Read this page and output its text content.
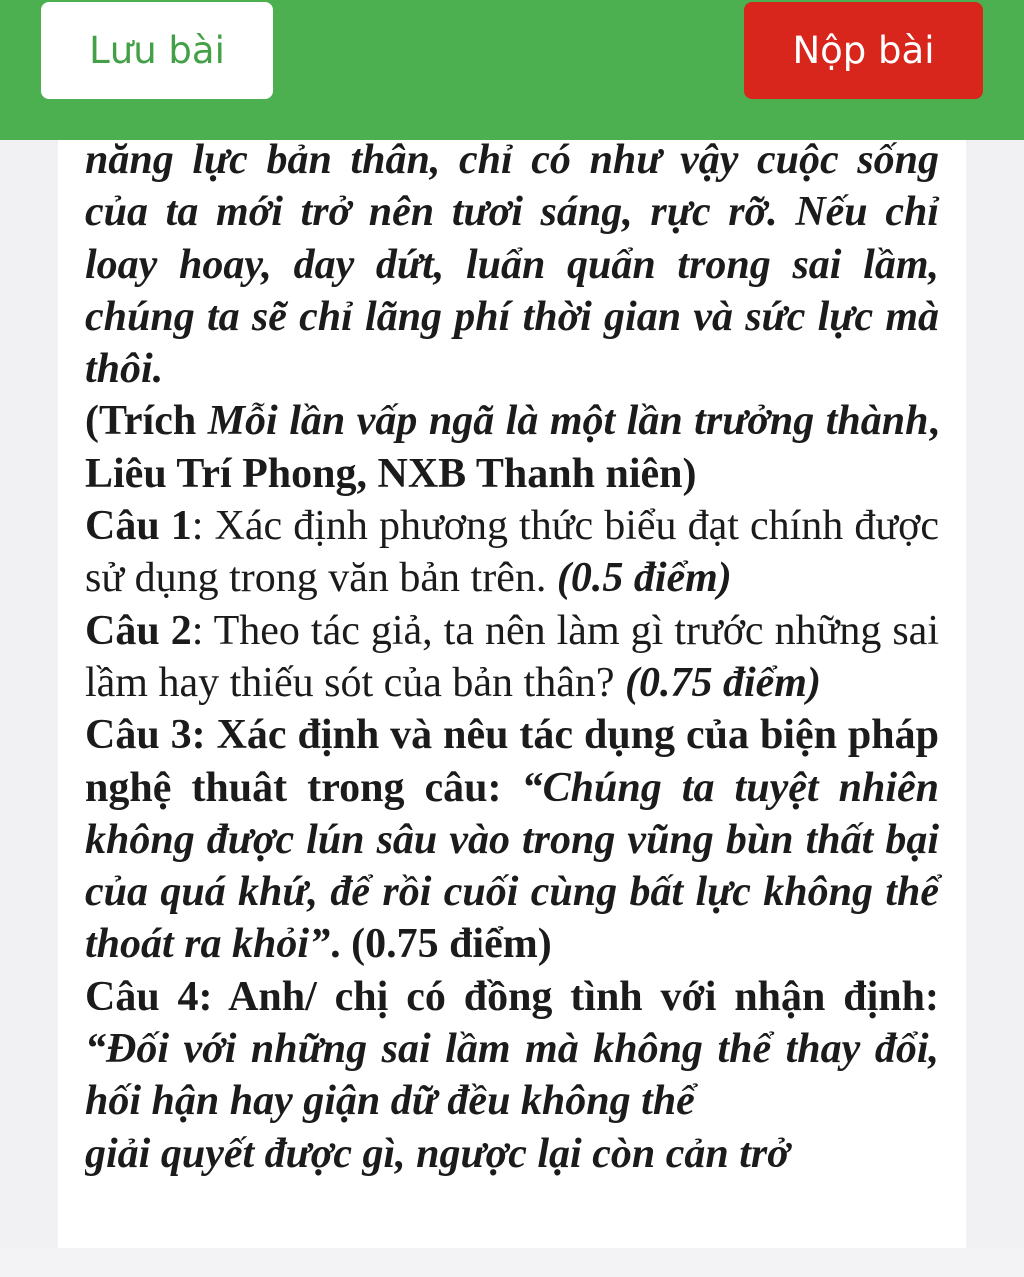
Lưu bài	Nộp bài

năng lực bản thân, chỉ có như vậy cuộc sống của ta mới trở nên tươi sáng, rực rỡ. Nếu chỉ loay hoay, day dứt, luẩn quẩn trong sai lầm, chúng ta sẽ chỉ lãng phí thời gian và sức lực mà thôi.

(Trích Mỗi lần vấp ngã là một lần trưởng thành, Liêu Trí Phong, NXB Thanh niên)

Câu 1: Xác định phương thức biểu đạt chính được sử dụng trong văn bản trên. (0.5 điểm)

Câu 2: Theo tác giả, ta nên làm gì trước những sai lầm hay thiếu sót của bản thân? (0.75 điểm)

Câu 3: Xác định và nêu tác dụng của biện pháp nghệ thuât trong câu: “Chúng ta tuyệt nhiên không được lún sâu vào trong vũng bùn thất bại của quá khứ, để rồi cuối cùng bất lực không thể thoát ra khỏi”. (0.75 điểm)

Câu 4: Anh/ chị có đồng tình với nhận định: “Đối với những sai lầm mà không thể thay đổi, hối hận hay giận dữ đều không thể

giải quyết được gì, ngược lại còn cản trở
